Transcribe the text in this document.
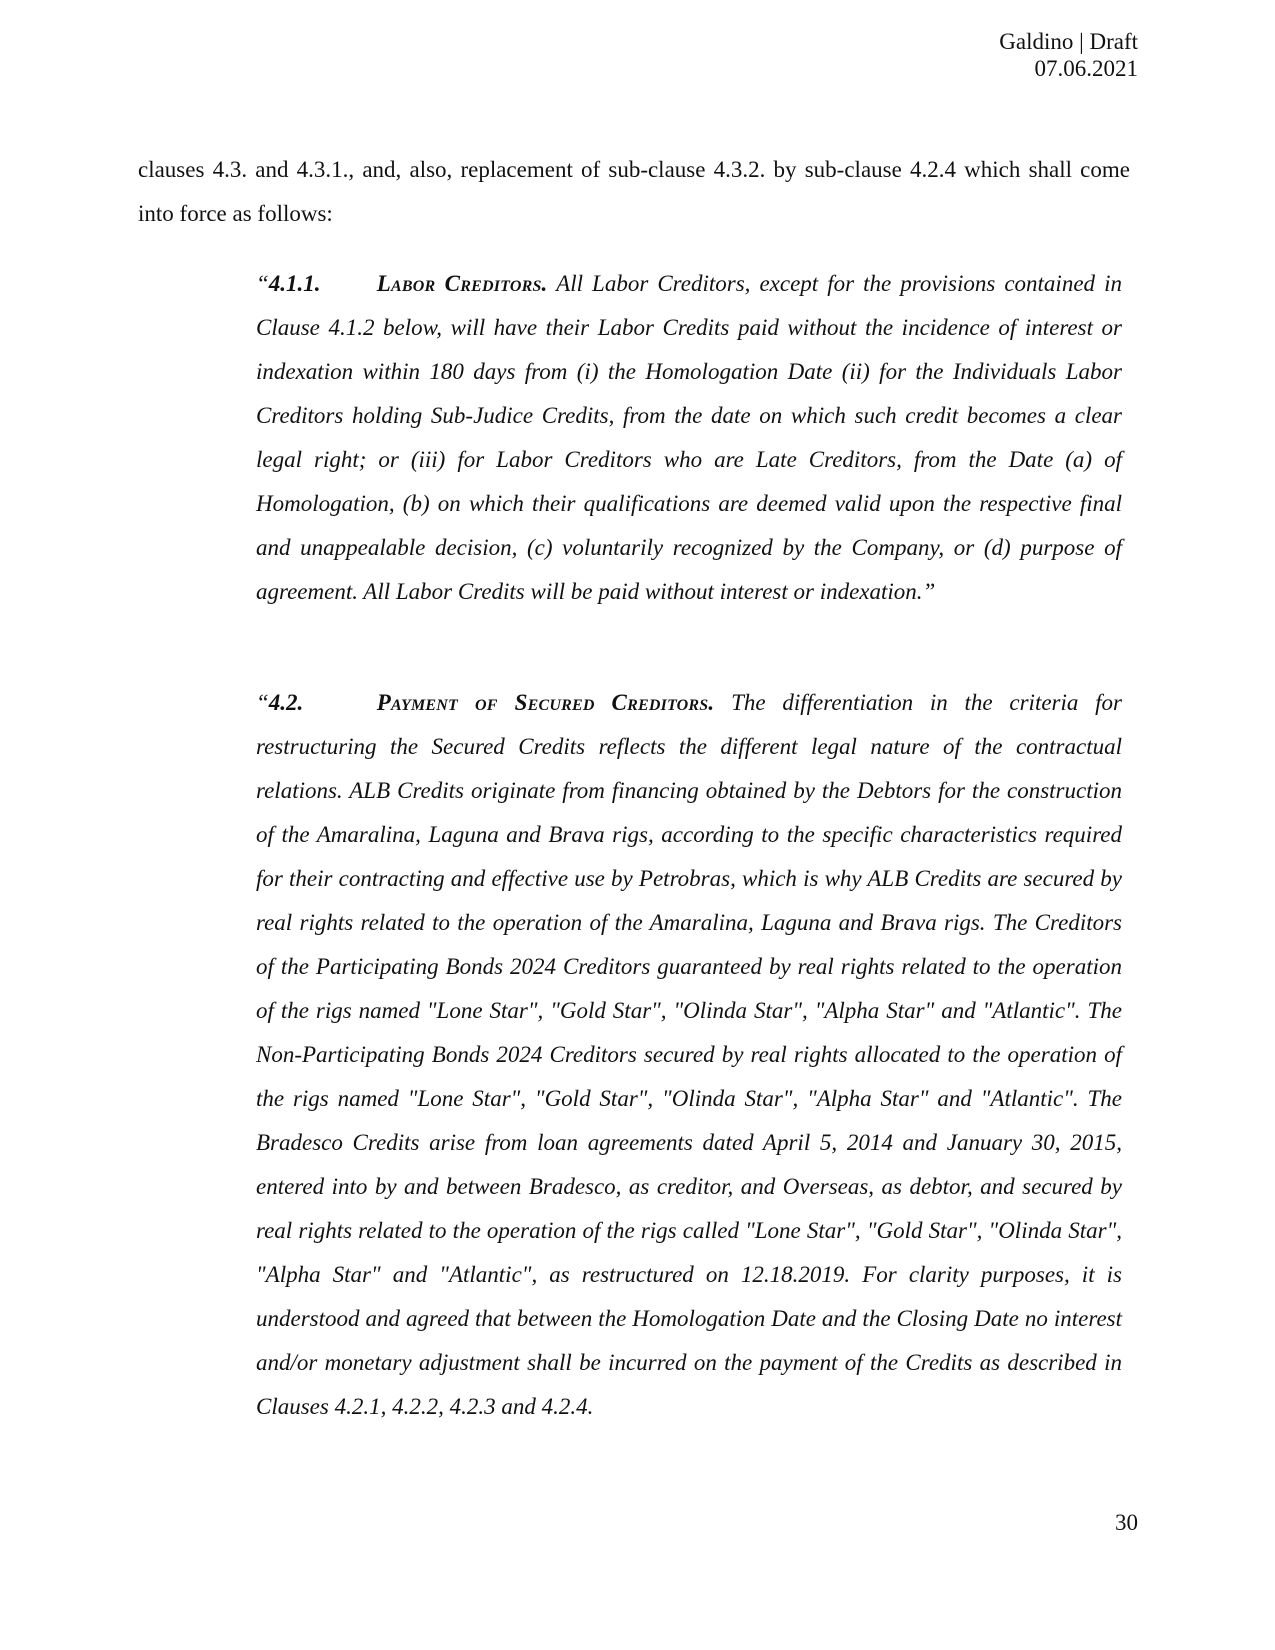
Galdino | Draft
07.06.2021
clauses 4.3. and 4.3.1., and, also, replacement of sub-clause 4.3.2. by sub-clause 4.2.4 which shall come into force as follows:
“4.1.1. Labor Creditors. All Labor Creditors, except for the provisions contained in Clause 4.1.2 below, will have their Labor Credits paid without the incidence of interest or indexation within 180 days from (i) the Homologation Date (ii) for the Individuals Labor Creditors holding Sub-Judice Credits, from the date on which such credit becomes a clear legal right; or (iii) for Labor Creditors who are Late Creditors, from the Date (a) of Homologation, (b) on which their qualifications are deemed valid upon the respective final and unappealable decision, (c) voluntarily recognized by the Company, or (d) purpose of agreement. All Labor Credits will be paid without interest or indexation.”
“4.2.	Payment of Secured Creditors. The differentiation in the criteria for restructuring the Secured Credits reflects the different legal nature of the contractual relations. ALB Credits originate from financing obtained by the Debtors for the construction of the Amaralina, Laguna and Brava rigs, according to the specific characteristics required for their contracting and effective use by Petrobras, which is why ALB Credits are secured by real rights related to the operation of the Amaralina, Laguna and Brava rigs. The Creditors of the Participating Bonds 2024 Creditors guaranteed by real rights related to the operation of the rigs named "Lone Star", "Gold Star", "Olinda Star", "Alpha Star" and "Atlantic". The Non-Participating Bonds 2024 Creditors secured by real rights allocated to the operation of the rigs named "Lone Star", "Gold Star", "Olinda Star", "Alpha Star" and "Atlantic". The Bradesco Credits arise from loan agreements dated April 5, 2014 and January 30, 2015, entered into by and between Bradesco, as creditor, and Overseas, as debtor, and secured by real rights related to the operation of the rigs called "Lone Star", "Gold Star", "Olinda Star", "Alpha Star" and "Atlantic", as restructured on 12.18.2019. For clarity purposes, it is understood and agreed that between the Homologation Date and the Closing Date no interest and/or monetary adjustment shall be incurred on the payment of the Credits as described in Clauses 4.2.1, 4.2.2, 4.2.3 and 4.2.4.
30
